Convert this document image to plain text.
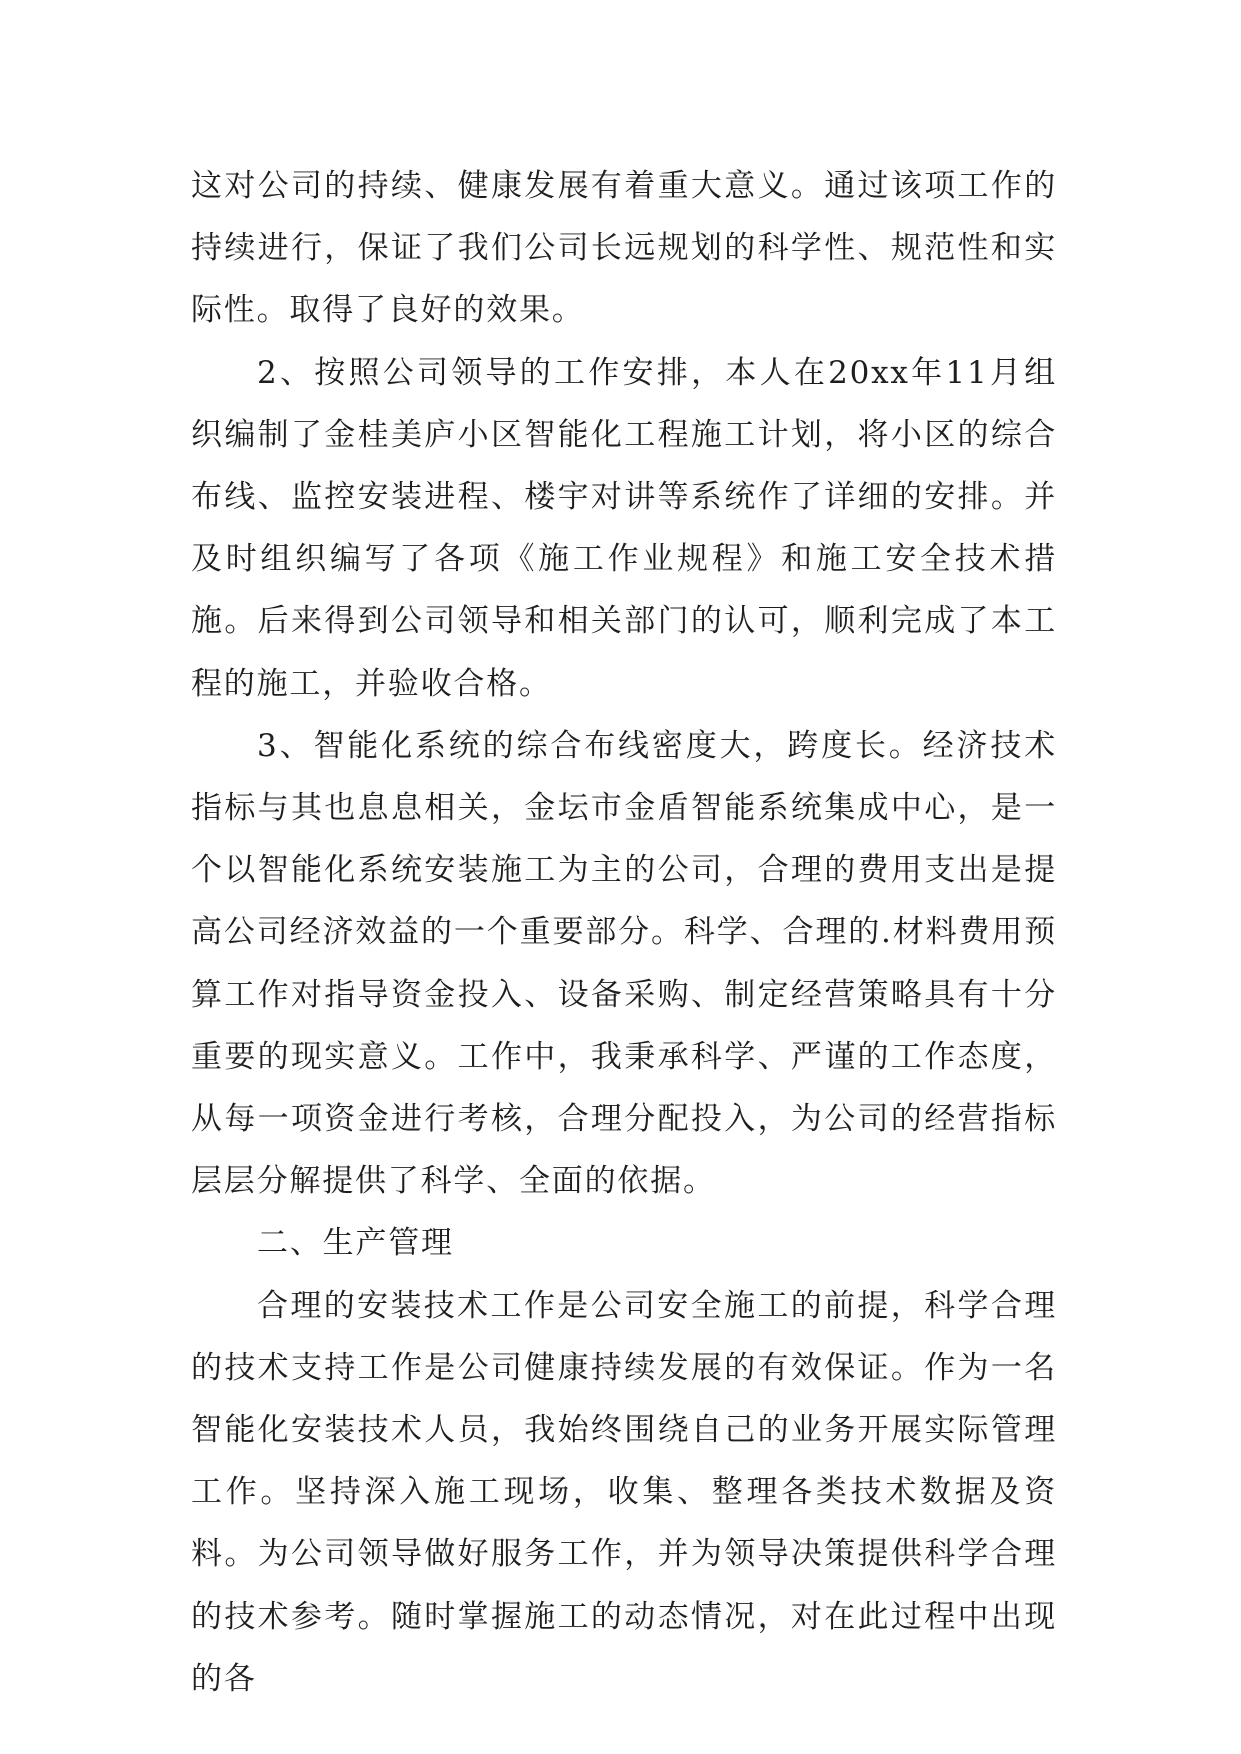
这对公司的持续、健康发展有着重大意义。通过该项工作的持续进行，保证了我们公司长远规划的科学性、规范性和实际性。取得了良好的效果。

2、按照公司领导的工作安排，本人在20xx年11月组织编制了金桂美庐小区智能化工程施工计划，将小区的综合布线、监控安装进程、楼宇对讲等系统作了详细的安排。并及时组织编写了各项《施工作业规程》和施工安全技术措施。后来得到公司领导和相关部门的认可，顺利完成了本工程的施工，并验收合格。

3、智能化系统的综合布线密度大，跨度长。经济技术指标与其也息息相关，金坛市金盾智能系统集成中心，是一个以智能化系统安装施工为主的公司，合理的费用支出是提高公司经济效益的一个重要部分。科学、合理的.材料费用预算工作对指导资金投入、设备采购、制定经营策略具有十分重要的现实意义。工作中，我秉承科学、严谨的工作态度，从每一项资金进行考核，合理分配投入，为公司的经营指标层层分解提供了科学、全面的依据。

二、生产管理

合理的安装技术工作是公司安全施工的前提，科学合理的技术支持工作是公司健康持续发展的有效保证。作为一名智能化安装技术人员，我始终围绕自己的业务开展实际管理工作。坚持深入施工现场，收集、整理各类技术数据及资料。为公司领导做好服务工作，并为领导决策提供科学合理的技术参考。随时掌握施工的动态情况，对在此过程中出现的各
